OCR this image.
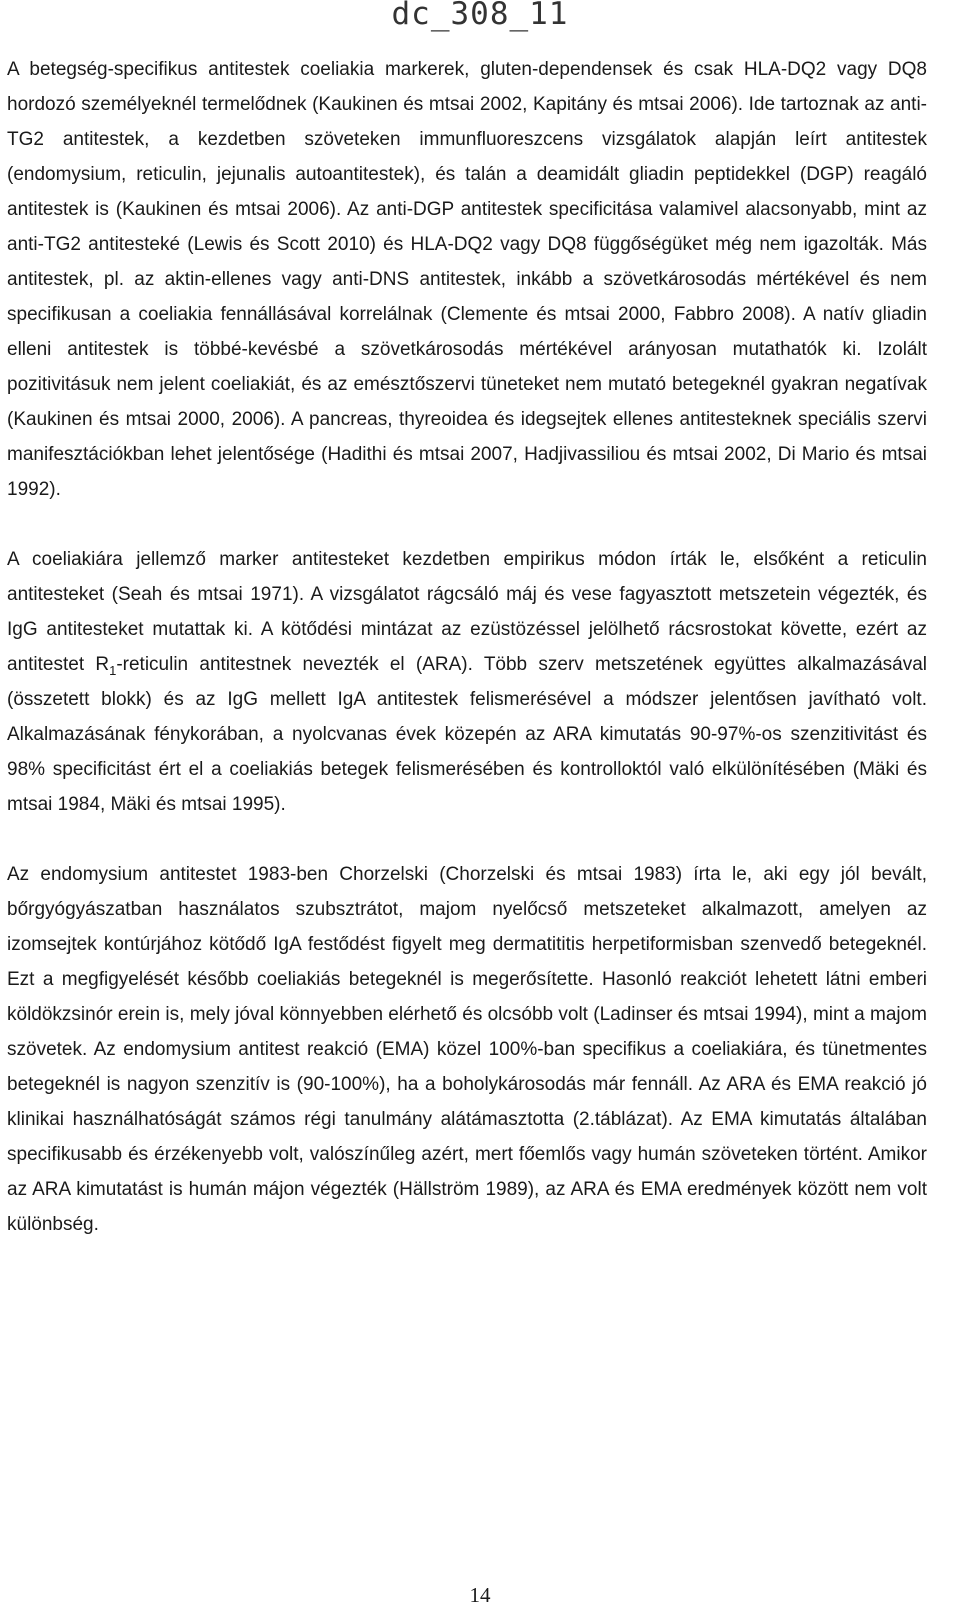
dc_308_11

A betegség-specifikus antitestek coeliakia markerek, gluten-dependensek és csak HLA-DQ2 vagy DQ8 hordozó személyeknél termelődnek (Kaukinen és mtsai 2002, Kapitány és mtsai 2006). Ide tartoznak az anti-TG2 antitestek, a kezdetben szöveteken immunfluoreszcens vizsgálatok alapján leírt antitestek (endomysium, reticulin, jejunalis autoantitestek), és talán a deamidált gliadin peptidekkel (DGP) reagáló antitestek is (Kaukinen és mtsai 2006). Az anti-DGP antitestek specificitása valamivel alacsonyabb, mint az anti-TG2 antitesteké (Lewis és Scott 2010) és HLA-DQ2 vagy DQ8 függőségüket még nem igazolták. Más antitestek, pl. az aktin-ellenes vagy anti-DNS antitestek, inkább a szövetkárosodás mértékével és nem specifikusan a coeliakia fennállásával korrelálnak (Clemente és mtsai 2000, Fabbro 2008). A natív gliadin elleni antitestek is többé-kevésbé a szövetkárosodás mértékével arányosan mutathatók ki. Izolált pozitivitásuk nem jelent coeliakiát, és az emésztőszervi tüneteket nem mutató betegeknél gyakran negatívak (Kaukinen és mtsai 2000, 2006). A pancreas, thyreoidea és idegsejtek ellenes antitesteknek speciális szervi manifesztációkban lehet jelentősége (Hadithi és mtsai 2007, Hadjivassiliou és mtsai 2002, Di Mario és mtsai 1992).

A coeliakiára jellemző marker antitesteket kezdetben empirikus módon írták le, elsőként a reticulin antitesteket (Seah és mtsai 1971). A vizsgálatot rágcsáló máj és vese fagyasztott metszetein végezték, és IgG antitesteket mutattak ki. A kötődési mintázat az ezüstözéssel jelölhető rácsrostokat követte, ezért az antitestet $R_1$-reticulin antitestnek nevezték el (ARA). Több szerv metszetének együttes alkalmazásával (összetett blokk) és az IgG mellett IgA antitestek felismerésével a módszer jelentősen javítható volt. Alkalmazásának fénykorában, a nyolcvanas évek közepén az ARA kimutatás 90-97%-os szenzitivitást és 98% specificitást ért el a coeliakiás betegek felismerésében és kontrolloktól való elkülönítésében (Mäki és mtsai 1984, Mäki és mtsai 1995).

Az endomysium antitestet 1983-ben Chorzelski (Chorzelski és mtsai 1983) írta le, aki egy jól bevált, bőrgyógyászatban használatos szubsztrátot, majom nyelőcső metszeteket alkalmazott, amelyen az izomsejtek kontúrjához kötődő IgA festődést figyelt meg dermatititis herpetiformisban szenvedő betegeknél. Ezt a megfigyelését később coeliakiás betegeknél is megerősítette. Hasonló reakciót lehetett látni emberi köldökzsinór erein is, mely jóval könnyebben elérhető és olcsóbb volt (Ladinser és mtsai 1994), mint a majom szövetek. Az endomysium antitest reakció (EMA) közel 100%-ban specifikus a coeliakiára, és tünetmentes betegeknél is nagyon szenzitív is (90-100%), ha a boholykárosodás már fennáll. Az ARA és EMA reakció jó klinikai használhatóságát számos régi tanulmány alátámasztotta (2.táblázat). Az EMA kimutatás általában specifikusabb és érzékenyebb volt, valószínűleg azért, mert főemlős vagy humán szöveteken történt. Amikor az ARA kimutatást is humán májon végezték (Hällström 1989), az ARA és EMA eredmények között nem volt különbség.

14
